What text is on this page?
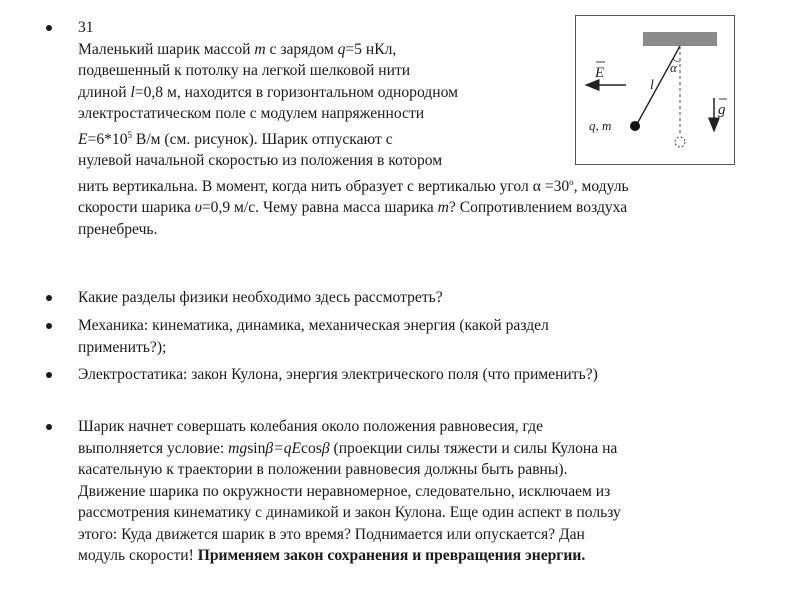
31
Маленький шарик массой m с зарядом q=5 нКл,
подвешенный к потолку на легкой шелковой нити
длиной l=0,8 м, находится в горизонтальном однородном
электростатическом поле с модулем напряженности
$E=6*10^5$ В/м (см. рисунок). Шарик отпускают с
нулевой начальной скоростью из положения в котором
нить вертикальна. В момент, когда нить образует с вертикалью угол $\alpha =30^o$, модуль
скорости шарика υ=0,9 м/с. Чему равна масса шарика m? Сопротивлением воздуха
пренебречь.
E
g
l
α
q, m
Какие разделы физики необходимо здесь рассмотреть?
Механика: кинематика, динамика, механическая энергия (какой раздел
применить?);
Электростатика: закон Кулона, энергия электрического поля (что применить?)
Шарик начнет совершать колебания около положения равновесия, где
выполняется условие: mgsinβ=qEcosβ (проекции силы тяжести и силы Кулона на
касательную к траектории в положении равновесия должны быть равны).
Движение шарика по окружности неравномерное, следовательно, исключаем из
рассмотрения кинематику с динамикой и закон Кулона. Еще один аспект в пользу
этого: Куда движется шарик в это время? Поднимается или опускается? Дан
модуль скорости! Применяем закон сохранения и превращения энергии.
